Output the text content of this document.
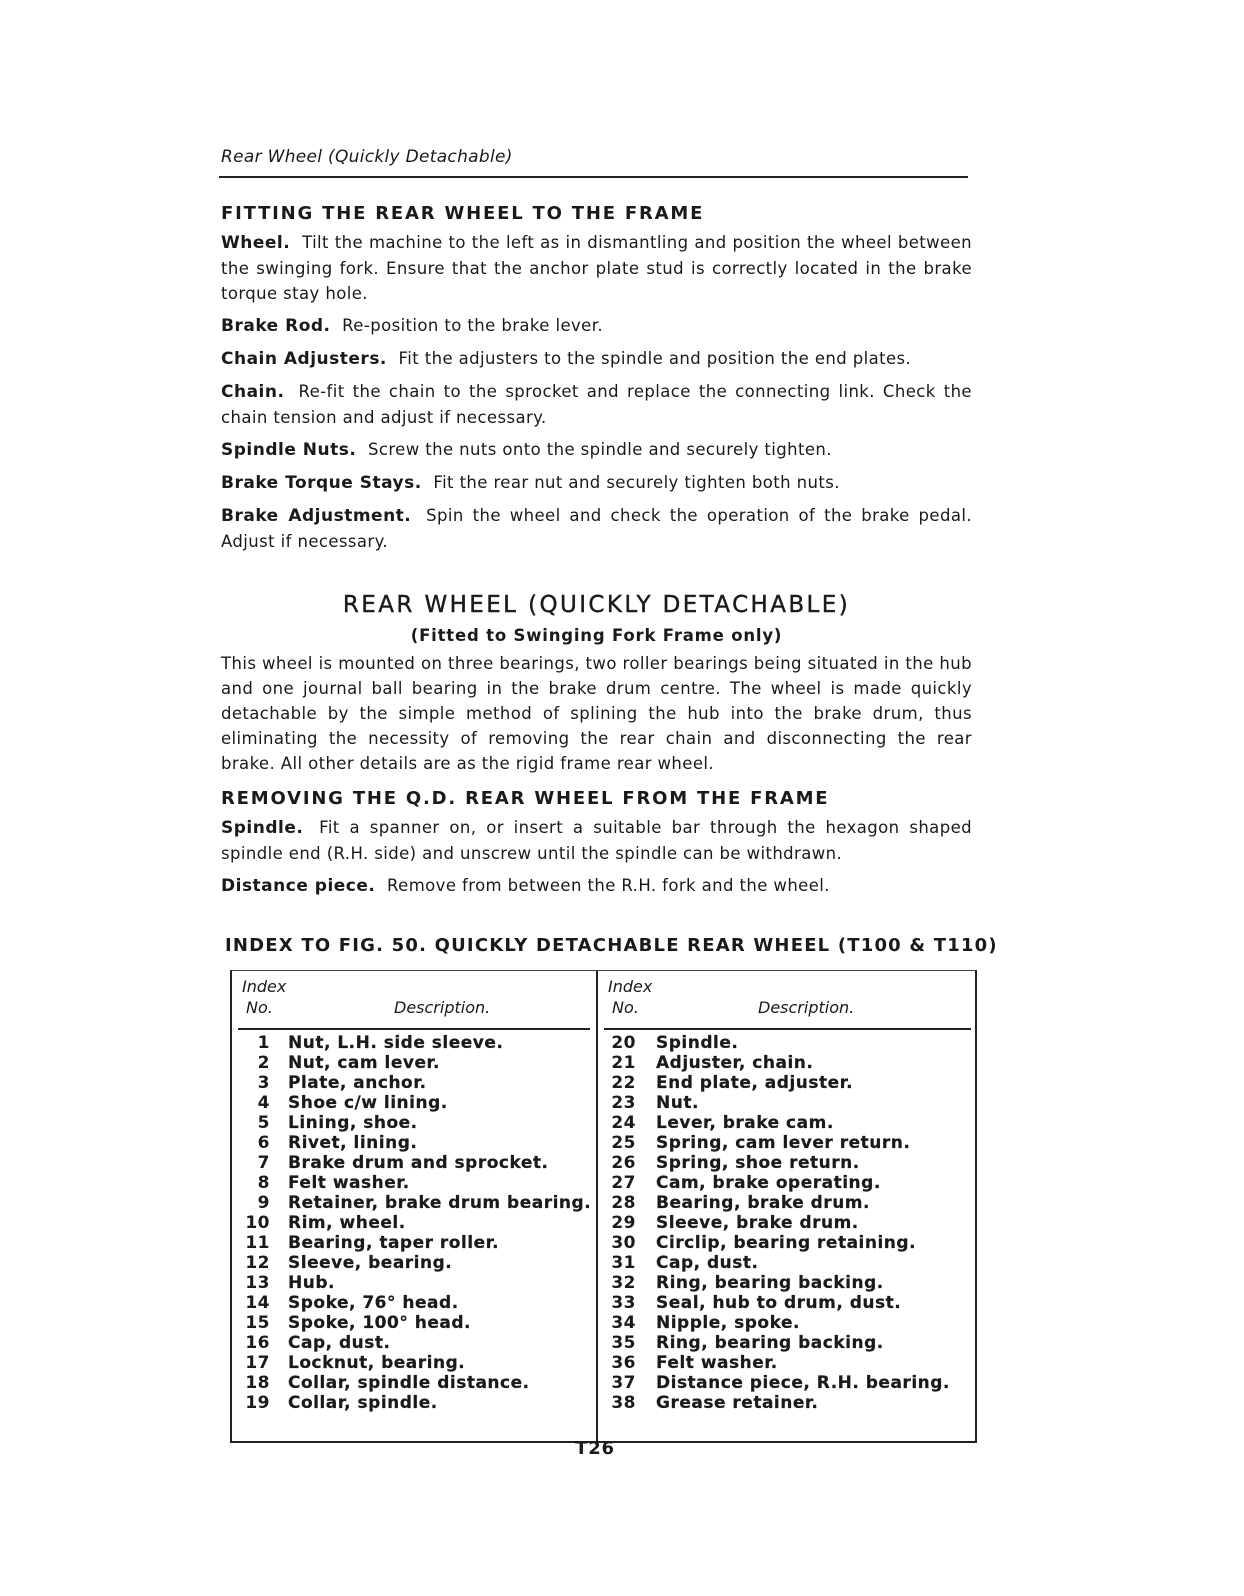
Rear Wheel (Quickly Detachable)
FITTING THE REAR WHEEL TO THE FRAME

Wheel. Tilt the machine to the left as in dismantling and position the wheel between the swinging fork. Ensure that the anchor plate stud is correctly located in the brake torque stay hole.

Brake Rod. Re-position to the brake lever.

Chain Adjusters. Fit the adjusters to the spindle and position the end plates.

Chain. Re-fit the chain to the sprocket and replace the connecting link. Check the chain tension and adjust if necessary.

Spindle Nuts. Screw the nuts onto the spindle and securely tighten.

Brake Torque Stays. Fit the rear nut and securely tighten both nuts.

Brake Adjustment. Spin the wheel and check the operation of the brake pedal. Adjust if necessary.

REAR WHEEL (QUICKLY DETACHABLE)
(Fitted to Swinging Fork Frame only)

This wheel is mounted on three bearings, two roller bearings being situated in the hub and one journal ball bearing in the brake drum centre. The wheel is made quickly detachable by the simple method of splining the hub into the brake drum, thus eliminating the necessity of removing the rear chain and disconnecting the rear brake. All other details are as the rigid frame rear wheel.

REMOVING THE Q.D. REAR WHEEL FROM THE FRAME

Spindle. Fit a spanner on, or insert a suitable bar through the hexagon shaped spindle end (R.H. side) and unscrew until the spindle can be withdrawn.

Distance piece. Remove from between the R.H. fork and the wheel.

INDEX TO FIG. 50. QUICKLY DETACHABLE REAR WHEEL (T100 & T110)
Index
No.	Description.
1 Nut, L.H. side sleeve.
2 Nut, cam lever.
3 Plate, anchor.
4 Shoe c/w lining.
5 Lining, shoe.
6 Rivet, lining.
7 Brake drum and sprocket.
8 Felt washer.
9 Retainer, brake drum bearing.
10 Rim, wheel.
11 Bearing, taper roller.
12 Sleeve, bearing.
13 Hub.
14 Spoke, 76° head.
15 Spoke, 100° head.
16 Cap, dust.
17 Locknut, bearing.
18 Collar, spindle distance.
19 Collar, spindle.
Index
No.	Description.
20 Spindle.
21 Adjuster, chain.
22 End plate, adjuster.
23 Nut.
24 Lever, brake cam.
25 Spring, cam lever return.
26 Spring, shoe return.
27 Cam, brake operating.
28 Bearing, brake drum.
29 Sleeve, brake drum.
30 Circlip, bearing retaining.
31 Cap, dust.
32 Ring, bearing backing.
33 Seal, hub to drum, dust.
34 Nipple, spoke.
35 Ring, bearing backing.
36 Felt washer.
37 Distance piece, R.H. bearing.
38 Grease retainer.
T26
